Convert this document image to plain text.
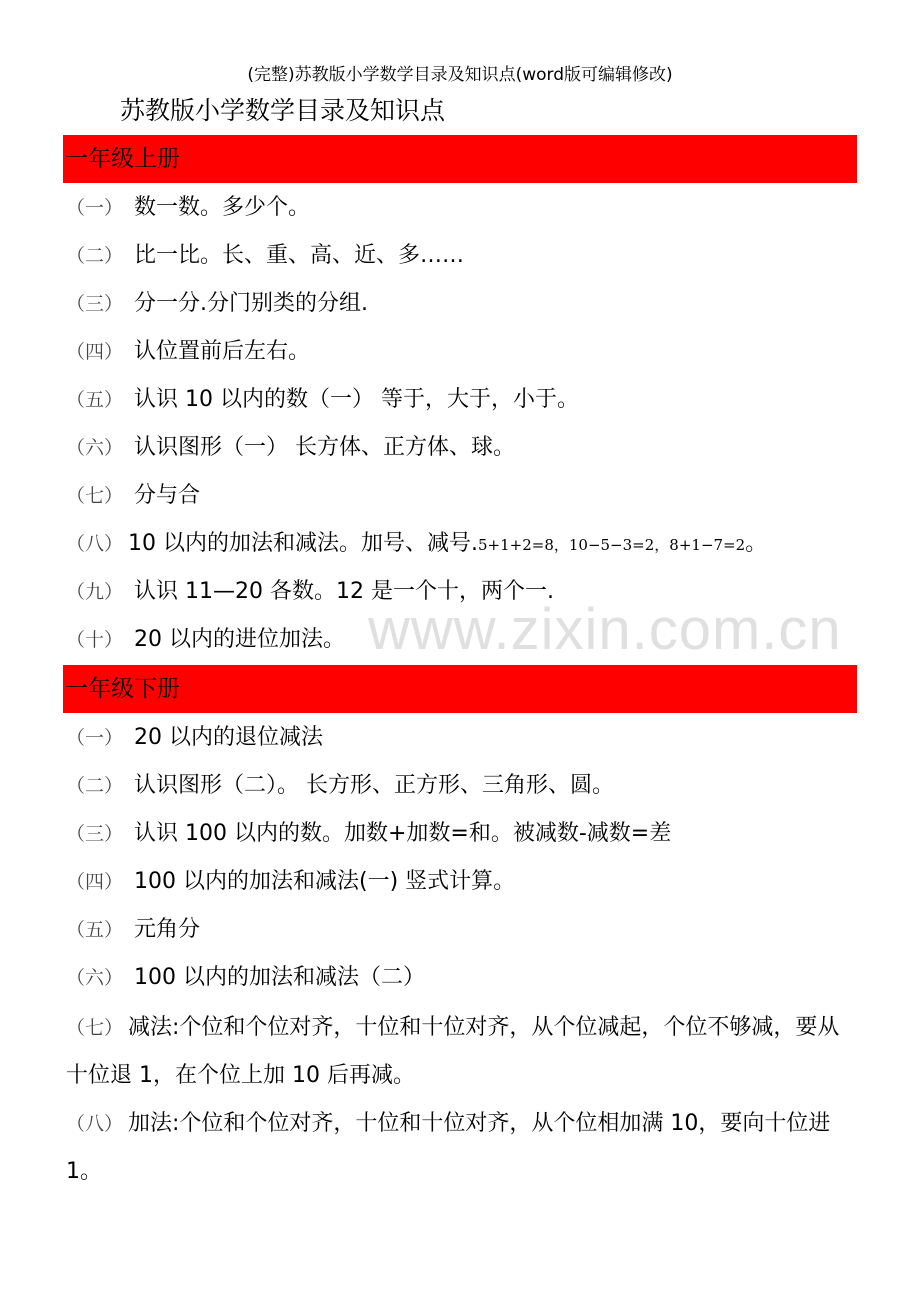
(完整)苏教版小学数学目录及知识点(word版可编辑修改)
苏教版小学数学目录及知识点
一年级上册
（一） 数一数。多少个。
（二） 比一比。长、重、高、近、多……
（三） 分一分.分门别类的分组.
（四） 认位置前后左右。
（五） 认识 10 以内的数（一） 等于，大于，小于。
（六） 认识图形（一） 长方体、正方体、球。
（七） 分与合
（八） 10 以内的加法和减法。加号、减号.5+1+2=8，10−5−3=2，8+1−7=2。
（九） 认识 11—20 各数。12 是一个十，两个一.
（十） 20 以内的进位加法。 www.zixin.com.cn
一年级下册
（一） 20 以内的退位减法
（二） 认识图形（二）。 长方形、正方形、三角形、圆。
（三） 认识 100 以内的数。加数+加数=和。被减数-减数=差
（四） 100 以内的加法和减法(一) 竖式计算。
（五） 元角分
（六） 100 以内的加法和减法（二）
（七） 减法:个位和个位对齐，十位和十位对齐，从个位减起，个位不够减，要从十位退 1，在个位上加 10 后再减。
（八） 加法:个位和个位对齐，十位和十位对齐，从个位相加满 10，要向十位进 1。
